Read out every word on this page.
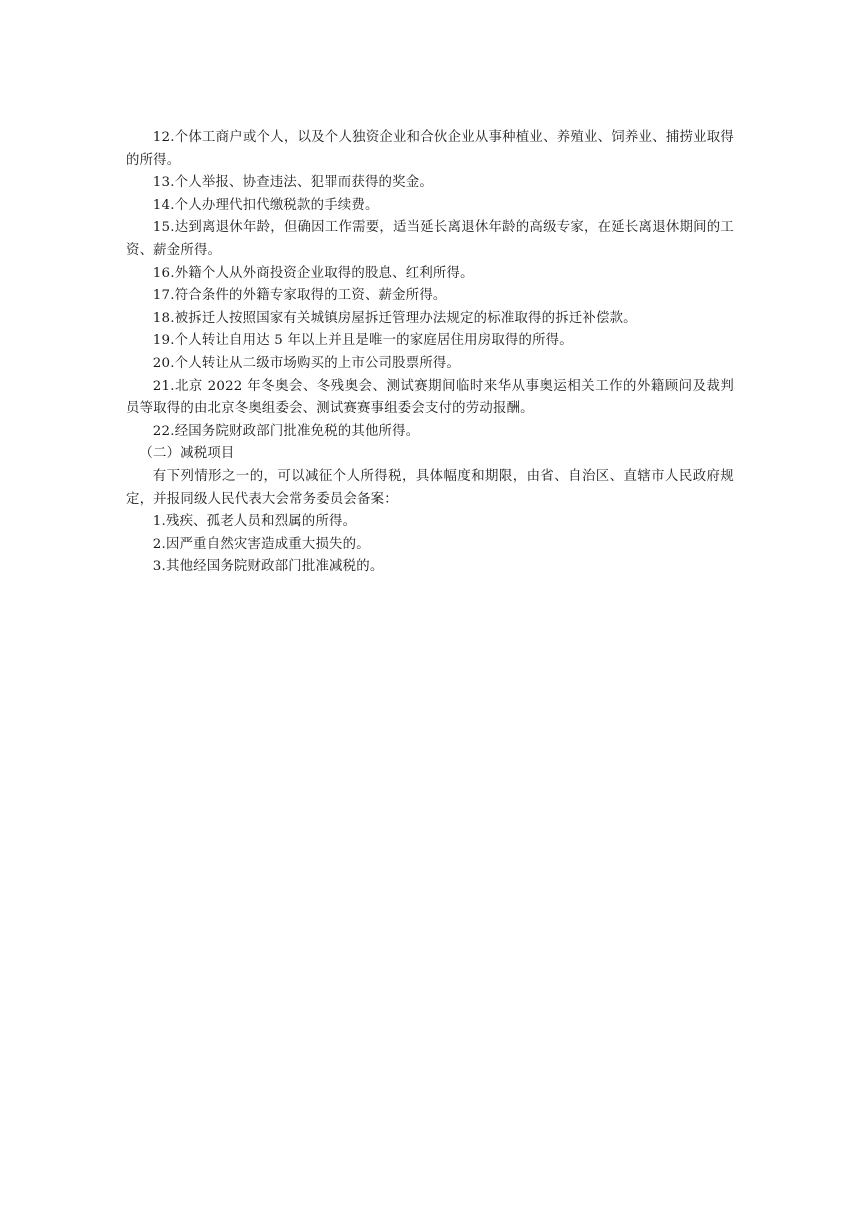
12.个体工商户或个人，以及个人独资企业和合伙企业从事种植业、养殖业、饲养业、捕捞业取得的所得。

13.个人举报、协查违法、犯罪而获得的奖金。

14.个人办理代扣代缴税款的手续费。

15.达到离退休年龄，但确因工作需要，适当延长离退休年龄的高级专家，在延长离退休期间的工资、薪金所得。

16.外籍个人从外商投资企业取得的股息、红利所得。

17.符合条件的外籍专家取得的工资、薪金所得。

18.被拆迁人按照国家有关城镇房屋拆迁管理办法规定的标准取得的拆迁补偿款。

19.个人转让自用达 5 年以上并且是唯一的家庭居住用房取得的所得。

20.个人转让从二级市场购买的上市公司股票所得。

21.北京 2022 年冬奥会、冬残奥会、测试赛期间临时来华从事奥运相关工作的外籍顾问及裁判员等取得的由北京冬奥组委会、测试赛赛事组委会支付的劳动报酬。

22.经国务院财政部门批准免税的其他所得。

（二）减税项目

有下列情形之一的，可以减征个人所得税，具体幅度和期限，由省、自治区、直辖市人民政府规定，并报同级人民代表大会常务委员会备案：

1.残疾、孤老人员和烈属的所得。

2.因严重自然灾害造成重大损失的。

3.其他经国务院财政部门批准减税的。
